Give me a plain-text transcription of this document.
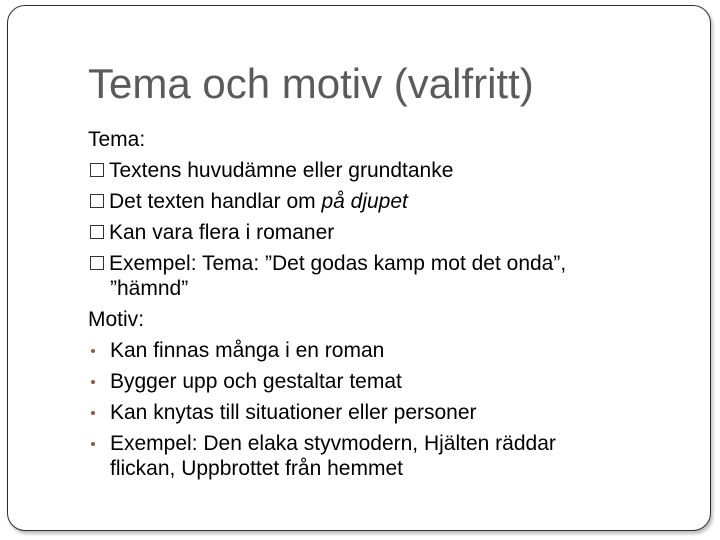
Tema och motiv (valfritt)
Tema:
Textens huvudämne eller grundtanke
Det texten handlar om på djupet
Kan vara flera i romaner
Exempel: Tema: ”Det godas kamp mot det onda”,
”hämnd”
Motiv:
Kan finnas många i en roman
Bygger upp och gestaltar temat
Kan knytas till situationer eller personer
Exempel: Den elaka styvmodern, Hjälten räddar
flickan, Uppbrottet från hemmet
